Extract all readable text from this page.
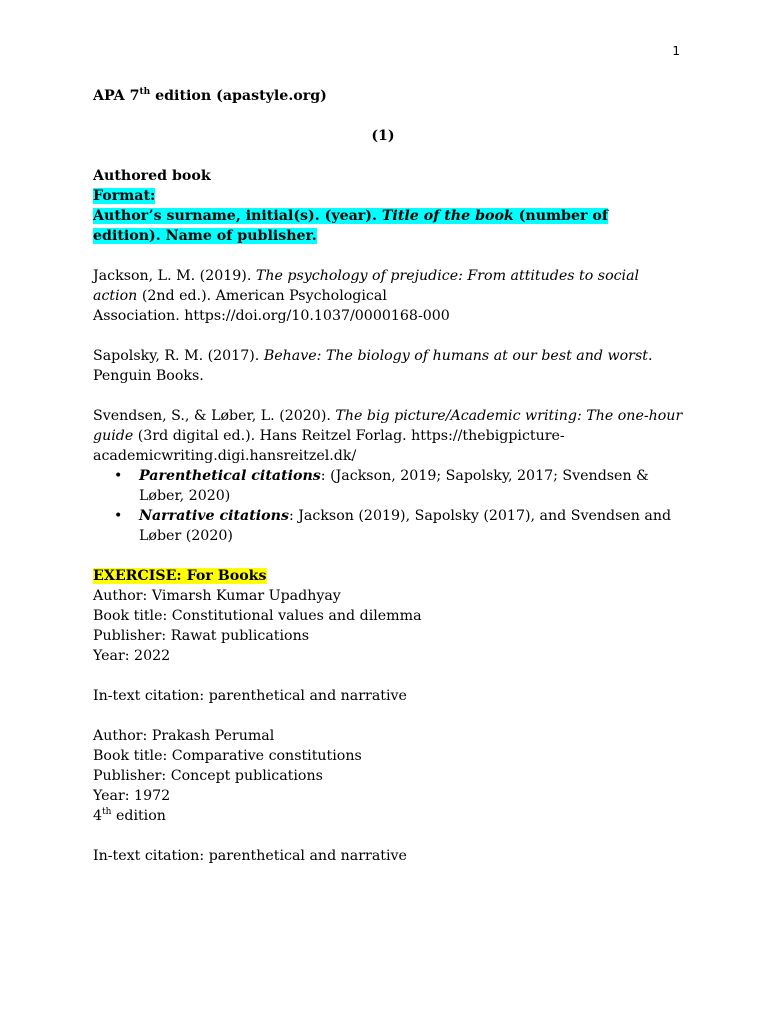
1
APA 7th edition (apastyle.org)
(1)
Authored book
Format:
Author’s surname, initial(s). (year). Title of the book (number of
edition). Name of publisher.
Jackson, L. M. (2019). The psychology of prejudice: From attitudes to social
action (2nd ed.). American Psychological
Association. https://doi.org/10.1037/0000168-000
Sapolsky, R. M. (2017). Behave: The biology of humans at our best and worst.
Penguin Books.
Svendsen, S., & Løber, L. (2020). The big picture/Academic writing: The one-hour
guide (3rd digital ed.). Hans Reitzel Forlag. https://thebigpicture-
academicwriting.digi.hansreitzel.dk/
• Parenthetical citations: (Jackson, 2019; Sapolsky, 2017; Svendsen &
Løber, 2020)
• Narrative citations: Jackson (2019), Sapolsky (2017), and Svendsen and
Løber (2020)
EXERCISE: For Books
Author: Vimarsh Kumar Upadhyay
Book title: Constitutional values and dilemma
Publisher: Rawat publications
Year: 2022
In-text citation: parenthetical and narrative
Author: Prakash Perumal
Book title: Comparative constitutions
Publisher: Concept publications
Year: 1972
4th edition
In-text citation: parenthetical and narrative
